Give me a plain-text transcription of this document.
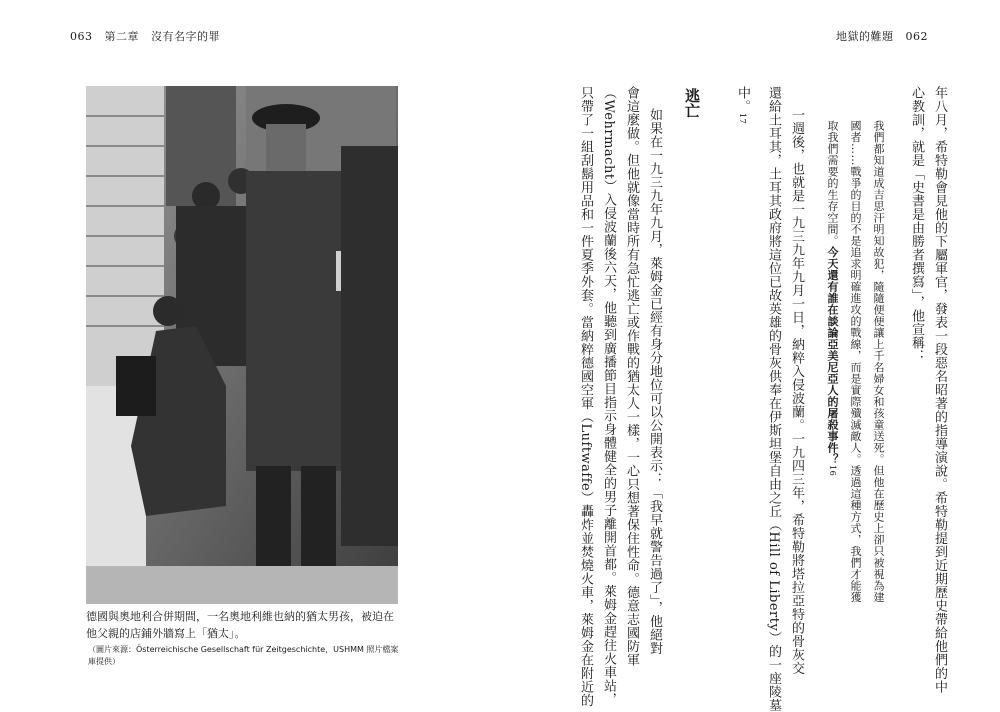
063 第二章 沒有名字的罪	地獄的難題 062
德國與奧地利合併期間，一名奧地利維也納的猶太男孩，被迫在他父親的店鋪外牆寫上「猶太」。
（圖片來源：Österreichische Gesellschaft für Zeitgeschichte，USHMM 照片檔案庫提供）	年八月，希特勒會見他的下屬軍官，發表一段惡名昭著的指導演說。希特勒提到近期歷史帶給他們的中
心教訓，就是「史書是由勝者撰寫」，他宣稱：
我們都知道成吉思汗明知故犯，隨隨便便讓上千名婦女和孩童送死。但他在歷史上卻只被視為建
國者……戰爭的目的不是追求明確進攻的戰線，而是實際殲滅敵人。透過這種方式，我們才能獲
取我們需要的生存空間。今天還有誰在談論亞美尼亞人的屠殺事件？16
一週後，也就是一九三九年九月一日，納粹入侵波蘭。一九四三年，希特勒將塔拉亞特的骨灰交
還給土耳其，土耳其政府將這位已故英雄的骨灰供奉在伊斯坦堡自由之丘（Hill of Liberty）的一座陵墓
中。17
逃亡
如果在一九三九年九月，萊姆金已經有身分地位可以公開表示：「我早就警告過了」，他絕對
會這麼做。但他就像當時所有急忙逃亡或作戰的猶太人一樣，一心只想著保住性命。德意志國防軍
（Wehrmacht）入侵波蘭後六天，他聽到廣播節目指示身體健全的男子離開首都。萊姆金趕往火車站，
只帶了一組刮鬍用品和一件夏季外套。當納粹德國空軍（Luftwaffe）轟炸並焚燒火車，萊姆金在附近的
